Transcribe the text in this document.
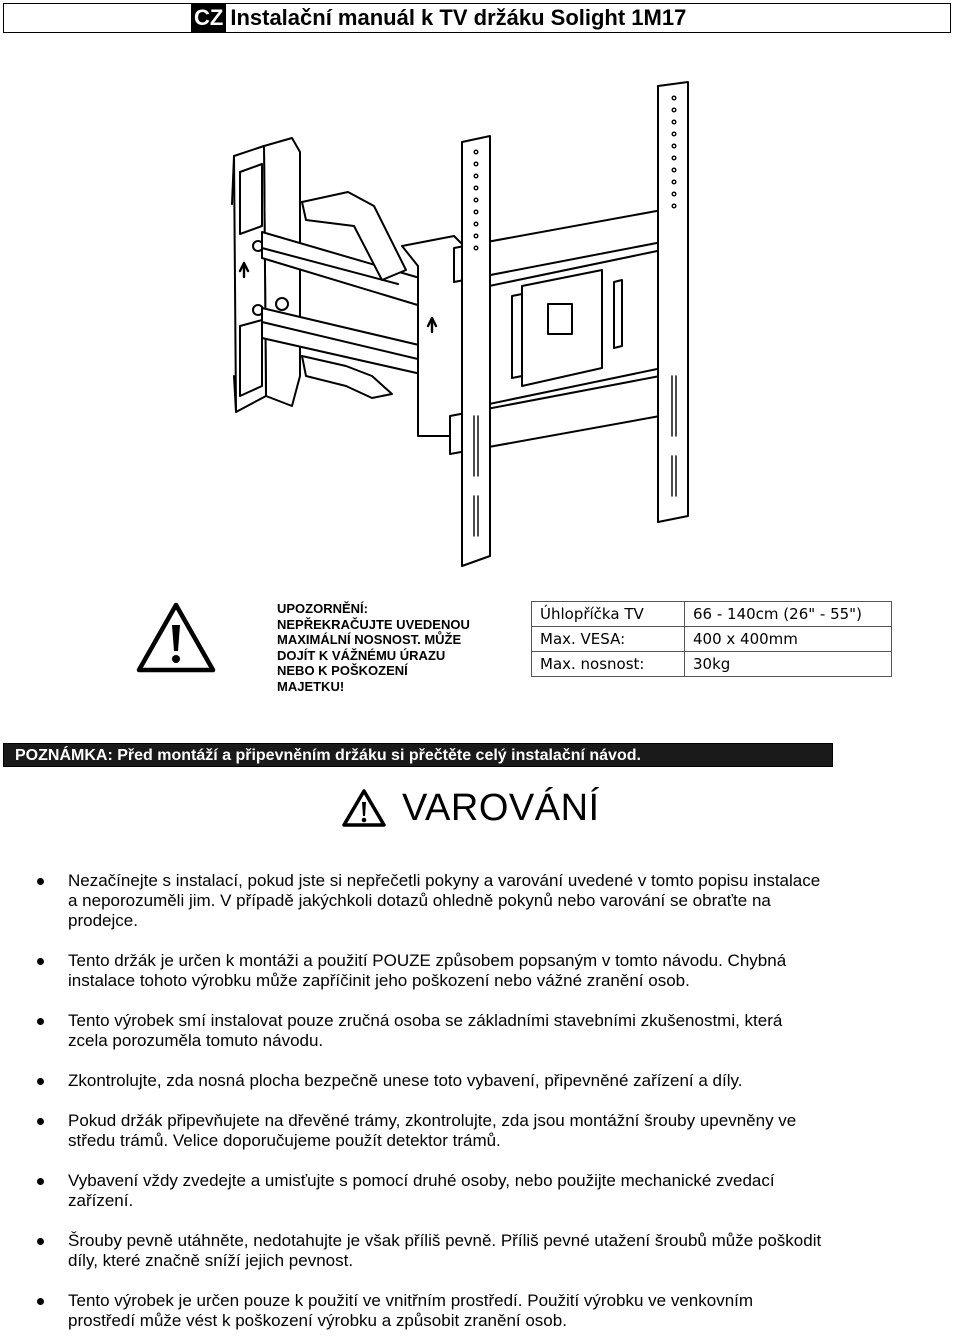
CZ Instalační manuál k TV držáku Solight 1M17
UPOZORNĚNÍ:
NEPŘEKRAČUJTE UVEDENOU
MAXIMÁLNÍ NOSNOST. MŮŽE
DOJÍT K VÁŽNÉMU ÚRAZU
NEBO K POŠKOZENÍ
MAJETKU!
Úhlopříčka TV	66 - 140cm (26" - 55")
Max. VESA:	400 x 400mm
Max. nosnost:	30kg
POZNÁMKA: Před montáží a připevněním držáku si přečtěte celý instalační návod.
VAROVÁNÍ
Nezačínejte s instalací, pokud jste si nepřečetli pokyny a varování uvedené v tomto popisu instalace
a neporozuměli jim. V případě jakýchkoli dotazů ohledně pokynů nebo varování se obraťte na
prodejce.
Tento držák je určen k montáži a použití POUZE způsobem popsaným v tomto návodu. Chybná
instalace tohoto výrobku může zapříčinit jeho poškození nebo vážné zranění osob.
Tento výrobek smí instalovat pouze zručná osoba se základními stavebními zkušenostmi, která
zcela porozuměla tomuto návodu.
Zkontrolujte, zda nosná plocha bezpečně unese toto vybavení, připevněné zařízení a díly.
Pokud držák připevňujete na dřevěné trámy, zkontrolujte, zda jsou montážní šrouby upevněny ve
středu trámů. Velice doporučujeme použít detektor trámů.
Vybavení vždy zvedejte a umisťujte s pomocí druhé osoby, nebo použijte mechanické zvedací
zařízení.
Šrouby pevně utáhněte, nedotahujte je však příliš pevně. Příliš pevné utažení šroubů může poškodit
díly, které značně sníží jejich pevnost.
Tento výrobek je určen pouze k použití ve vnitřním prostředí. Použití výrobku ve venkovním
prostředí může vést k poškození výrobku a způsobit zranění osob.
